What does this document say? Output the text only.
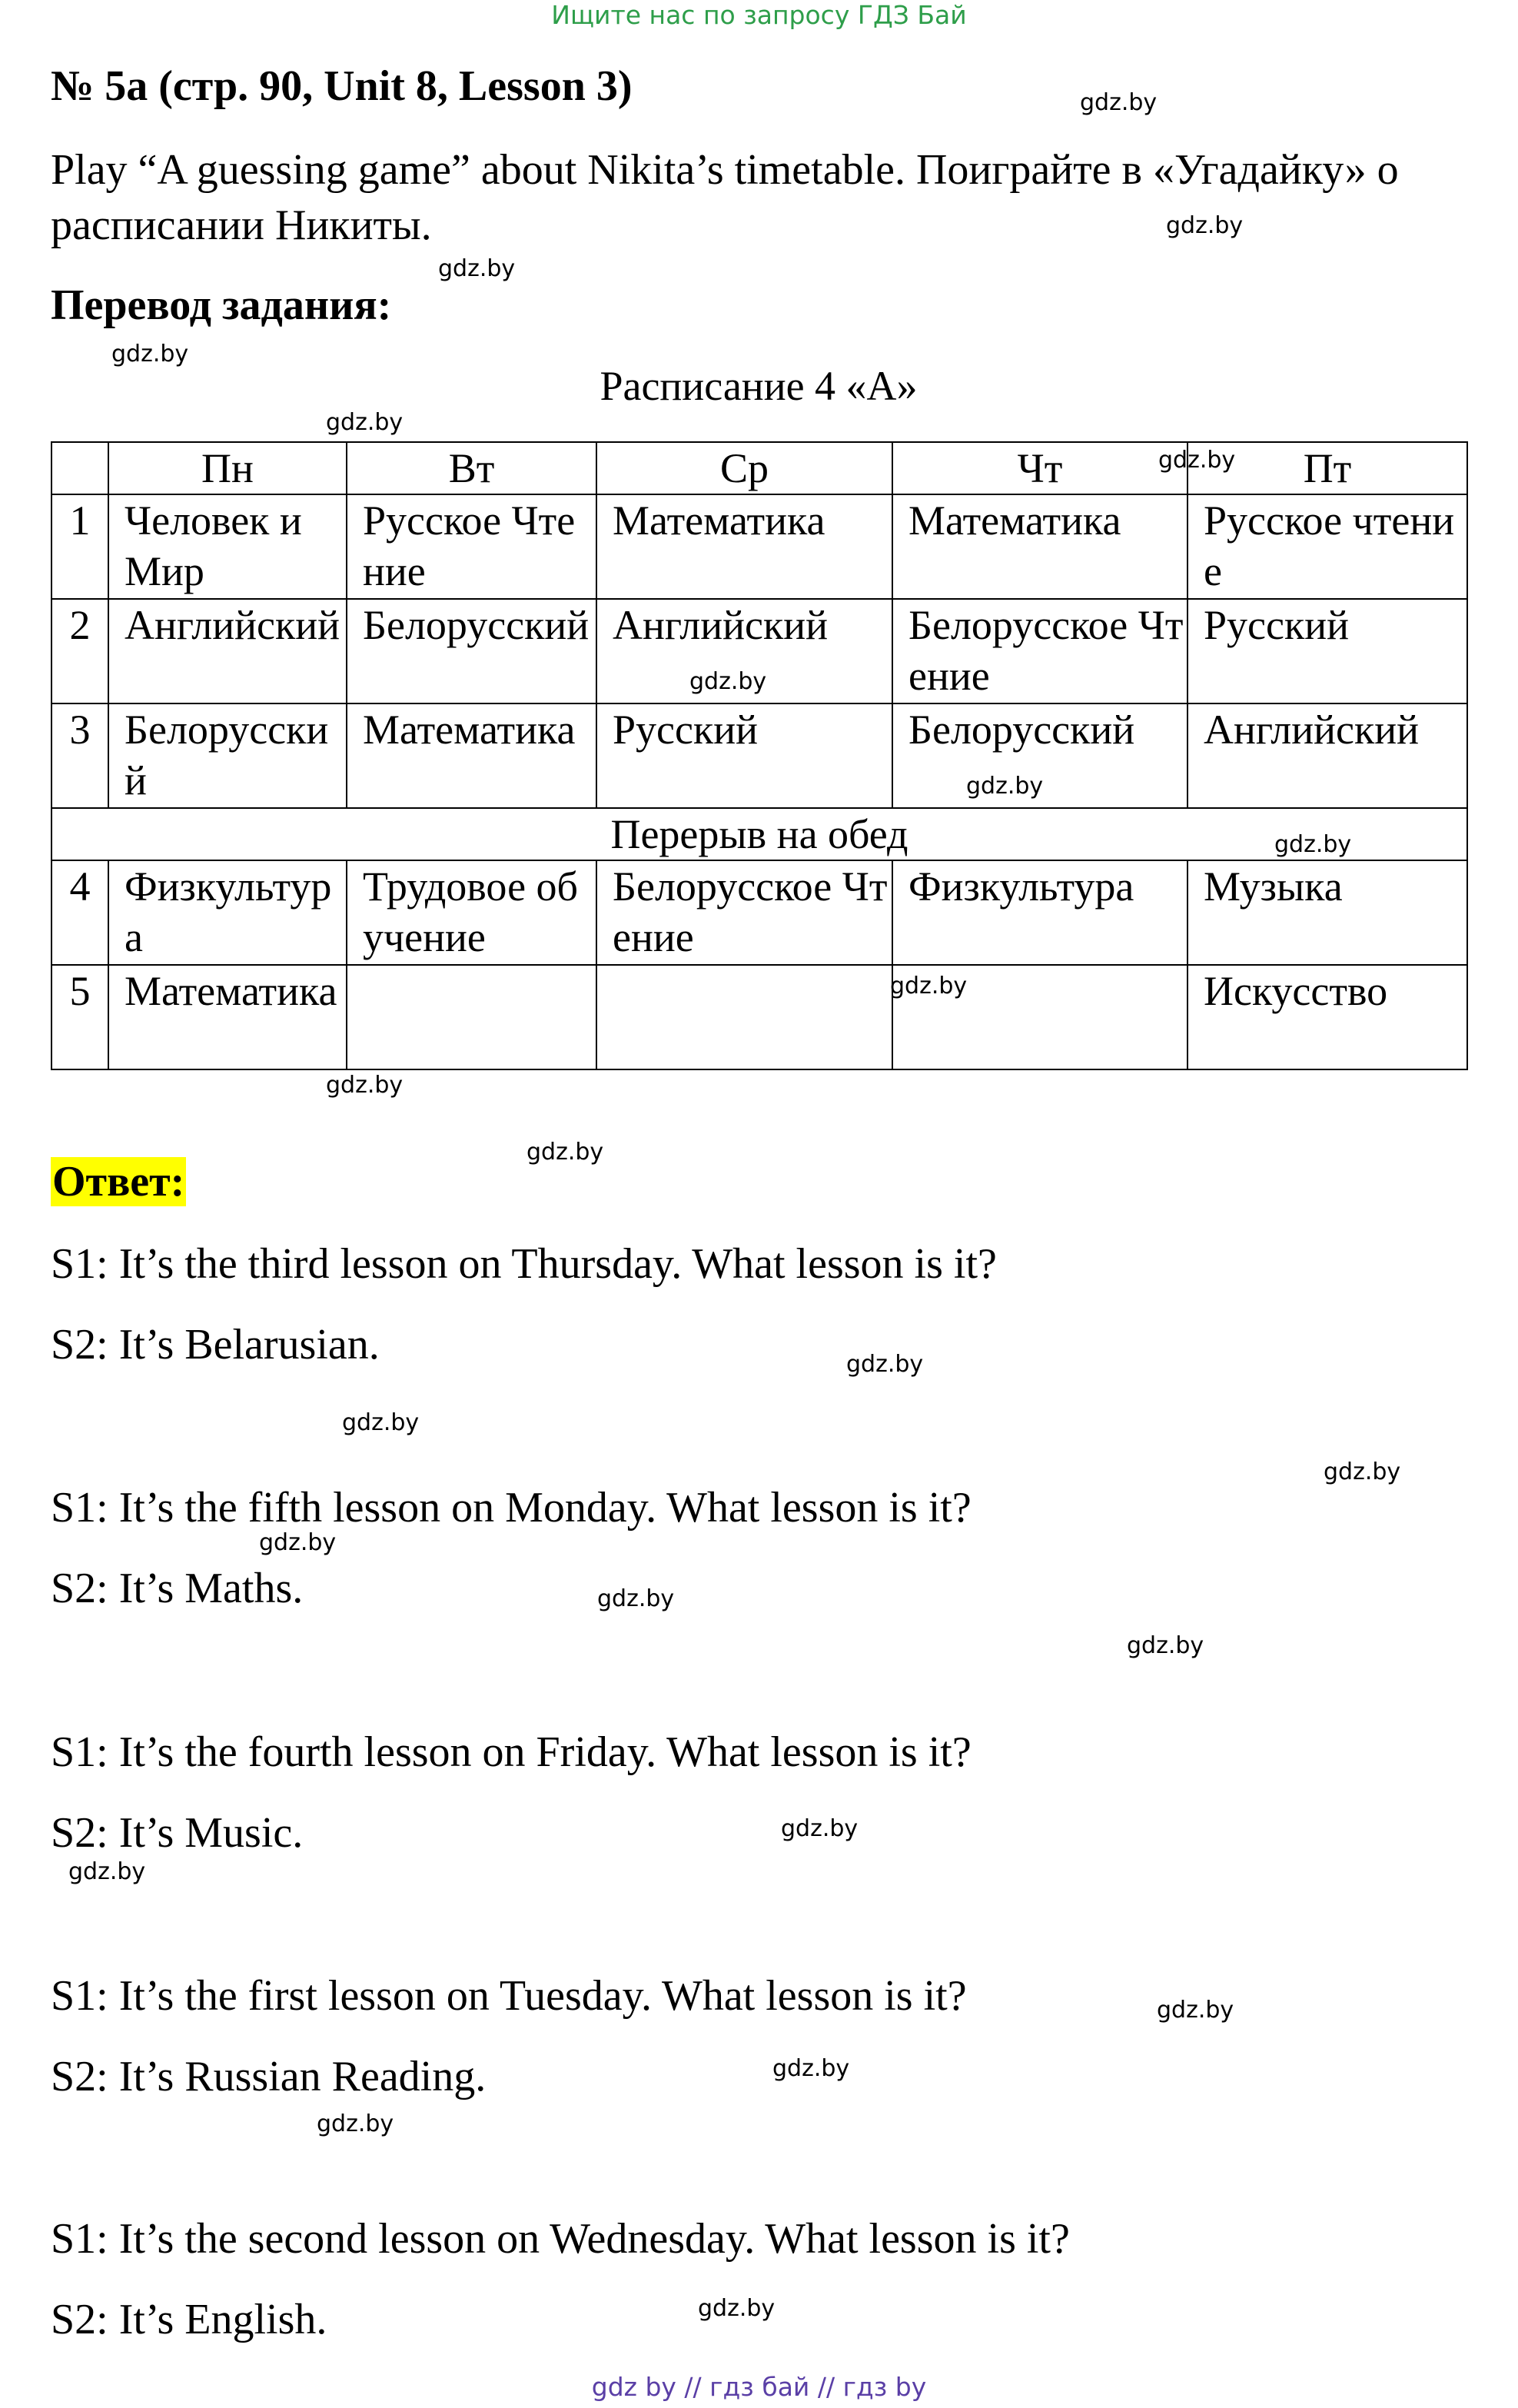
Ищите нас по запросу ГДЗ Бай
№ 5a (стр. 90, Unit 8, Lesson 3)
Play “A guessing game” about Nikita’s timetable. Поиграйте в «Угадайку» о расписании Никиты.
Перевод задания:
Расписание 4 «А»
	Пн	Вт	Ср	Чт	Пт
1	Человек и Мир	Русское Чтение	Математика	Математика	Русское чтение
2	Английский	Белорусский	Английский	Белорусское Чтение	Русский
3	Белорусский	Математика	Русский	Белорусский	Английский
Перерыв на обед					
4	Физкультура	Трудовое обучение	Белорусское Чтение	Физкультура	Музыка
5	Математика				Искусство
Ответ:
S1: It’s the third lesson on Thursday. What lesson is it?
S2: It’s Belarusian.
S1: It’s the fifth lesson on Monday. What lesson is it?
S2: It’s Maths.
S1: It’s the fourth lesson on Friday. What lesson is it?
S2: It’s Music.
S1: It’s the first lesson on Tuesday. What lesson is it?
S2: It’s Russian Reading.
S1: It’s the second lesson on Wednesday. What lesson is it?
S2: It’s English.
gdz.by
gdz.by
gdz.by
gdz.by
gdz.by
gdz.by
gdz.by
gdz.by
gdz.by
gdz.by
gdz.by
gdz.by
gdz.by
gdz.by
gdz.by
gdz.by
gdz.by
gdz.by
gdz.by
gdz.by
gdz.by
gdz.by
gdz.by
gdz.by
gdz by // гдз бай // гдз by
